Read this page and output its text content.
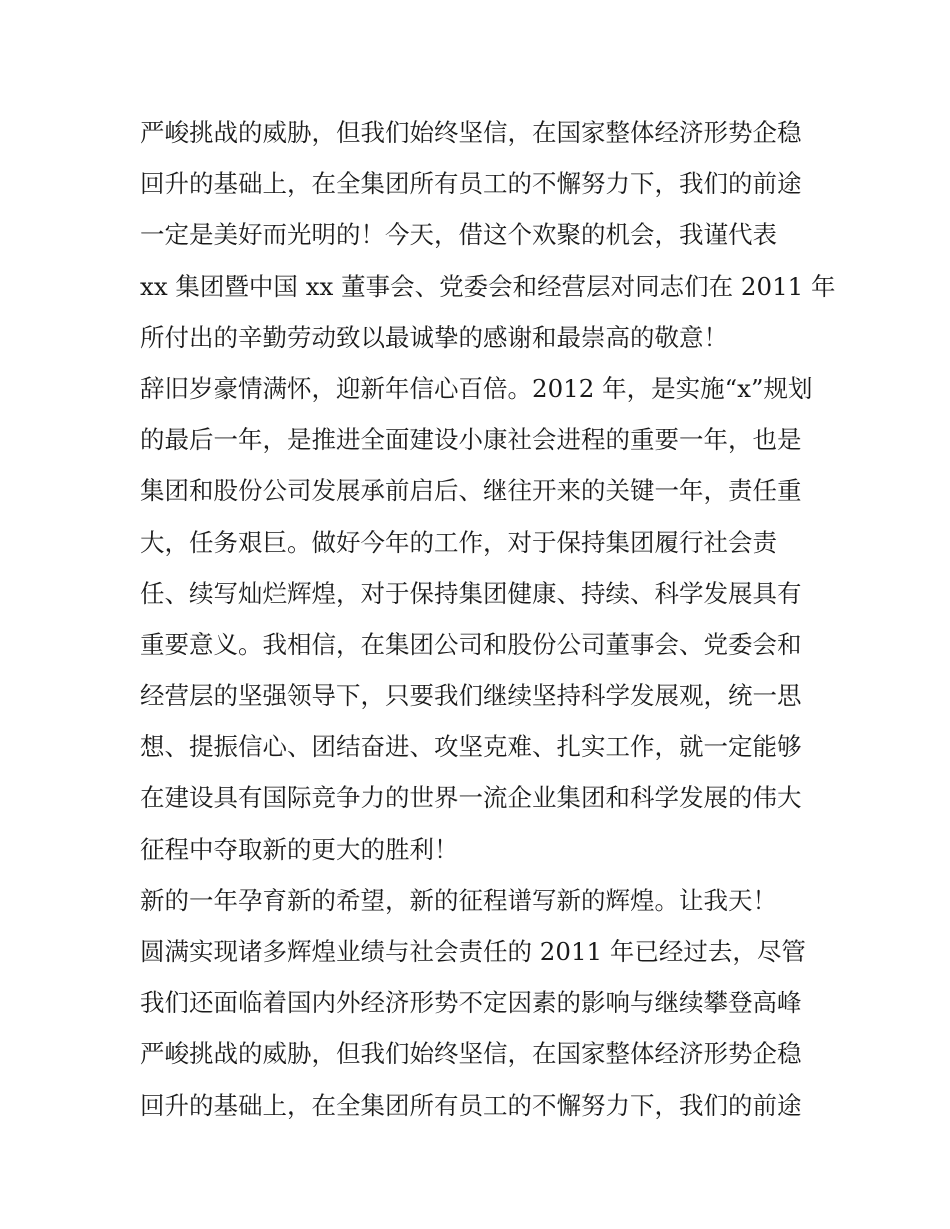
严峻挑战的威胁，但我们始终坚信，在国家整体经济形势企稳
回升的基础上，在全集团所有员工的不懈努力下，我们的前途
一定是美好而光明的！今天，借这个欢聚的机会，我谨代表
xx 集团暨中国 xx 董事会、党委会和经营层对同志们在 2011 年
所付出的辛勤劳动致以最诚挚的感谢和最崇高的敬意！
辞旧岁豪情满怀，迎新年信心百倍。2012 年，是实施“x”规划
的最后一年，是推进全面建设小康社会进程的重要一年，也是
集团和股份公司发展承前启后、继往开来的关键一年，责任重
大，任务艰巨。做好今年的工作，对于保持集团履行社会责
任、续写灿烂辉煌，对于保持集团健康、持续、科学发展具有
重要意义。我相信，在集团公司和股份公司董事会、党委会和
经营层的坚强领导下，只要我们继续坚持科学发展观，统一思
想、提振信心、团结奋进、攻坚克难、扎实工作，就一定能够
在建设具有国际竞争力的世界一流企业集团和科学发展的伟大
征程中夺取新的更大的胜利！
新的一年孕育新的希望，新的征程谱写新的辉煌。让我天！
圆满实现诸多辉煌业绩与社会责任的 2011 年已经过去，尽管
我们还面临着国内外经济形势不定因素的影响与继续攀登高峰
严峻挑战的威胁，但我们始终坚信，在国家整体经济形势企稳
回升的基础上，在全集团所有员工的不懈努力下，我们的前途
